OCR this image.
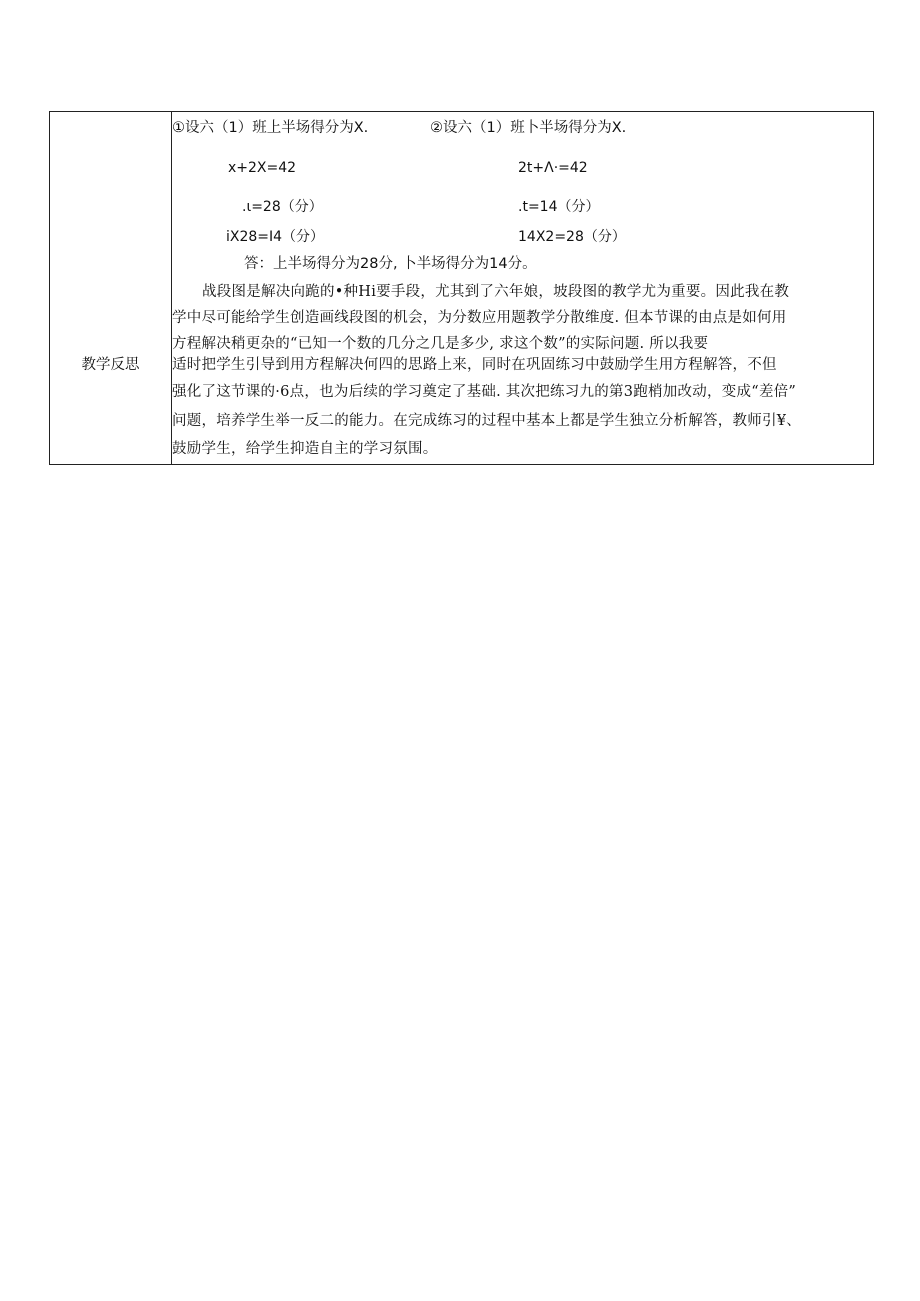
教学反思
①设六（1）班上半场得分为X.
x+2X=42
.ι=28（分）
iX28=I4（分）
②设六（1）班卜半场得分为X.
2t+Λ·=42
.t=14（分）
14X2=28（分）
答：上半场得分为28分, 卜半场得分为14分。
战段图是解决向跪的•种Hi要手段，尤其到了六年娘，坡段图的教学尤为重要。因此我在教
学中尽可能给学生创造画线段图的机会，为分数应用题教学分散维度. 但本节课的由点是如何用
方程解决稍更杂的“已知一个数的几分之几是多少, 求这个数”的实际问题. 所以我要
适时把学生引导到用方程解决何四的思路上来，同时在巩固练习中鼓励学生用方程解答，不但
强化了这节课的·6点，也为后续的学习奠定了基础. 其次把练习九的第3跑梢加改动，变成“差倍”
问题，培养学生举一反二的能力。在完成练习的过程中基本上都是学生独立分析解答，教师引¥、
鼓励学生，给学生抑造自主的学习氛围。
